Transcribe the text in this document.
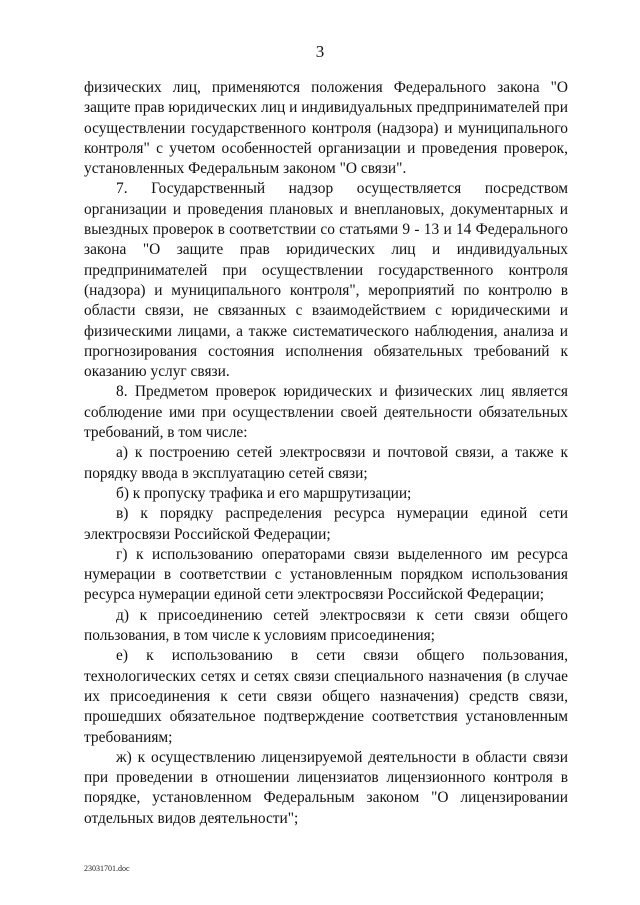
3

физических лиц, применяются положения Федерального закона "О защите прав юридических лиц и индивидуальных предпринимателей при осуществлении государственного контроля (надзора) и муниципального контроля" с учетом особенностей организации и проведения проверок, установленных Федеральным законом "О связи".

7. Государственный надзор осуществляется посредством организации и проведения плановых и внеплановых, документарных и выездных проверок в соответствии со статьями 9 - 13 и 14 Федерального закона "О защите прав юридических лиц и индивидуальных предпринимателей при осуществлении государственного контроля (надзора) и муниципального контроля", мероприятий по контролю в области связи, не связанных с взаимодействием с юридическими и физическими лицами, а также систематического наблюдения, анализа и прогнозирования состояния исполнения обязательных требований к оказанию услуг связи.

8. Предметом проверок юридических и физических лиц является соблюдение ими при осуществлении своей деятельности обязательных требований, в том числе:

а) к построению сетей электросвязи и почтовой связи, а также к порядку ввода в эксплуатацию сетей связи;

б) к пропуску трафика и его маршрутизации;

в) к порядку распределения ресурса нумерации единой сети электросвязи Российской Федерации;

г) к использованию операторами связи выделенного им ресурса нумерации в соответствии с установленным порядком использования ресурса нумерации единой сети электросвязи Российской Федерации;

д) к присоединению сетей электросвязи к сети связи общего пользования, в том числе к условиям присоединения;

е) к использованию в сети связи общего пользования, технологических сетях и сетях связи специального назначения (в случае их присоединения к сети связи общего назначения) средств связи, прошедших обязательное подтверждение соответствия установленным требованиям;

ж) к осуществлению лицензируемой деятельности в области связи при проведении в отношении лицензиатов лицензионного контроля в порядке, установленном Федеральным законом "О лицензировании отдельных видов деятельности";

23031701.doc
